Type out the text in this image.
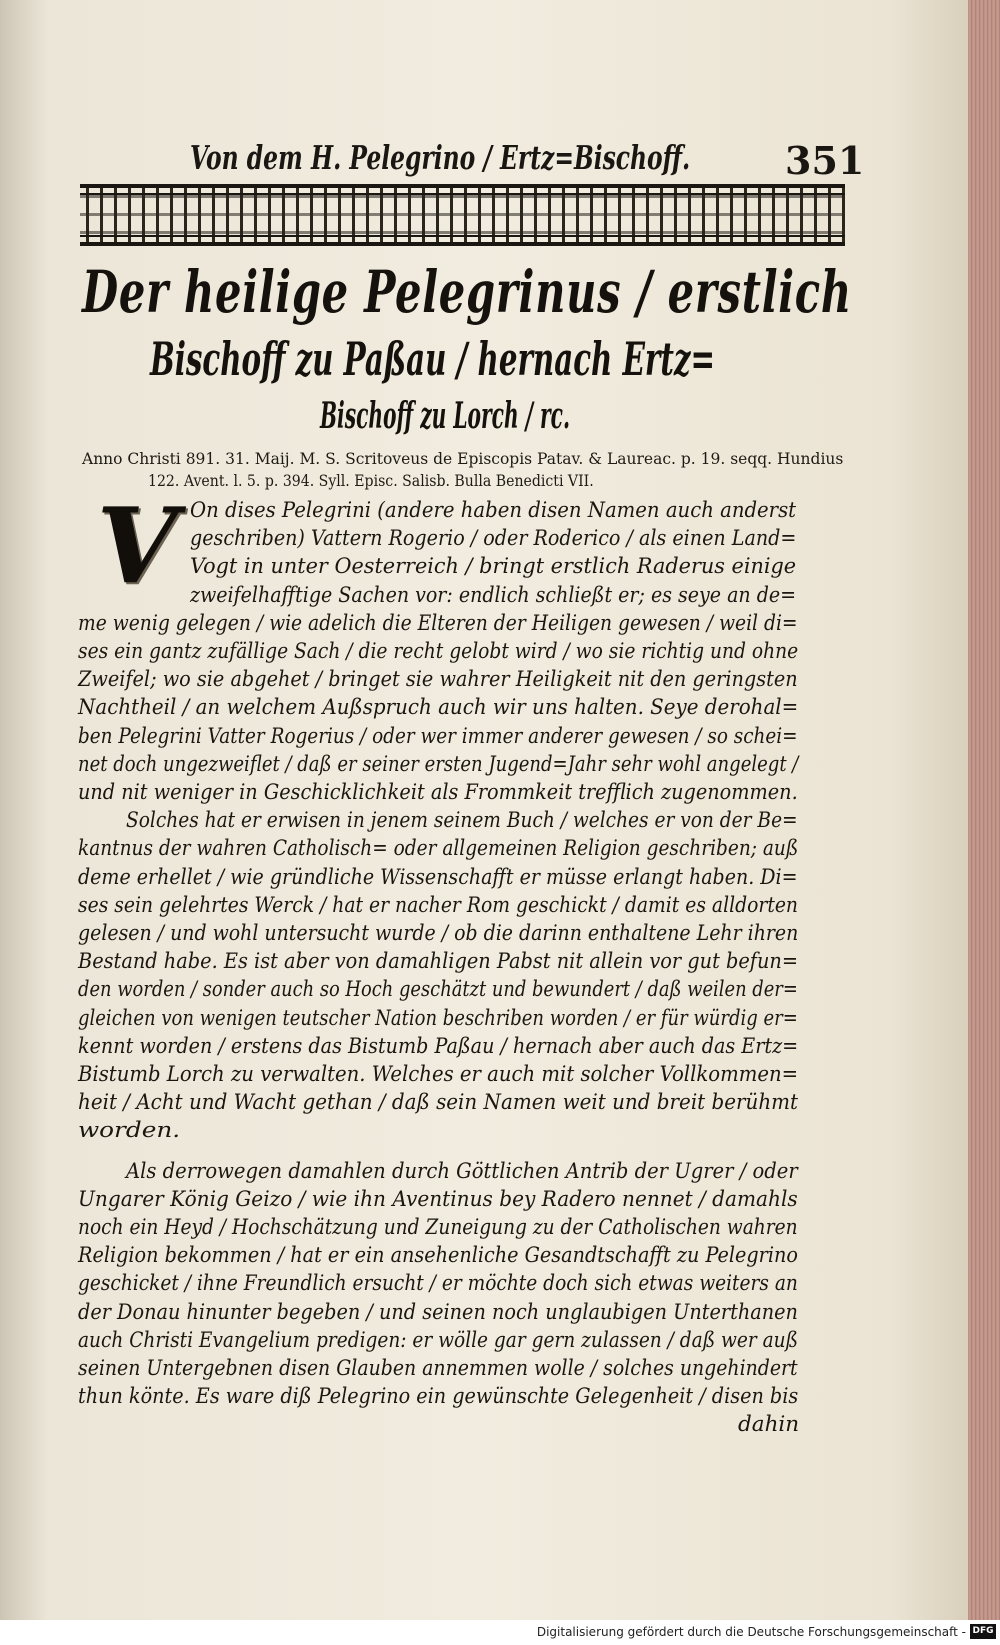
Von dem H. Pelegrino / Ertz=Bischoff. 351
Der heilige Pelegrinus / erstlich
Bischoff zu Paßau / hernach Ertz=
Bischoff zu Lorch / rc.
Anno Christi 891. 31. Maij. M. S. Scritoveus de Episcopis Patav. & Laureac. p. 19. seqq. Hundius
122. Avent. l. 5. p. 394. Syll. Episc. Salisb. Bulla Benedicti VII.
V On dises Pelegrini (andere haben disen Namen auch anderst
geschriben) Vattern Rogerio / oder Roderico / als einen Land=
Vogt in unter Oesterreich / bringt erstlich Raderus einige
zweifelhafftige Sachen vor: endlich schließt er; es seye an de=
me wenig gelegen / wie adelich die Elteren der Heiligen gewesen / weil di=
ses ein gantz zufällige Sach / die recht gelobt wird / wo sie richtig und ohne
Zweifel; wo sie abgehet / bringet sie wahrer Heiligkeit nit den geringsten
Nachtheil / an welchem Außspruch auch wir uns halten. Seye derohal=
ben Pelegrini Vatter Rogerius / oder wer immer anderer gewesen / so schei=
net doch ungezweiflet / daß er seiner ersten Jugend=Jahr sehr wohl angelegt /
und nit weniger in Geschicklichkeit als Frommkeit trefflich zugenommen.
Solches hat er erwisen in jenem seinem Buch / welches er von der Be=
kantnus der wahren Catholisch= oder allgemeinen Religion geschriben; auß
deme erhellet / wie gründliche Wissenschafft er müsse erlangt haben. Di=
ses sein gelehrtes Werck / hat er nacher Rom geschickt / damit es alldorten
gelesen / und wohl untersucht wurde / ob die darinn enthaltene Lehr ihren
Bestand habe. Es ist aber von damahligen Pabst nit allein vor gut befun=
den worden / sonder auch so Hoch geschätzt und bewundert / daß weilen der=
gleichen von wenigen teutscher Nation beschriben worden / er für würdig er=
kennt worden / erstens das Bistumb Paßau / hernach aber auch das Ertz=
Bistumb Lorch zu verwalten. Welches er auch mit solcher Vollkommen=
heit / Acht und Wacht gethan / daß sein Namen weit und breit berühmt
worden.
Als derrowegen damahlen durch Göttlichen Antrib der Ugrer / oder
Ungarer König Geizo / wie ihn Aventinus bey Radero nennet / damahls
noch ein Heyd / Hochschätzung und Zuneigung zu der Catholischen wahren
Religion bekommen / hat er ein ansehenliche Gesandtschafft zu Pelegrino
geschicket / ihne Freundlich ersucht / er möchte doch sich etwas weiters an
der Donau hinunter begeben / und seinen noch unglaubigen Unterthanen
auch Christi Evangelium predigen: er wölle gar gern zulassen / daß wer auß
seinen Untergebnen disen Glauben annemmen wolle / solches ungehindert
thun könte. Es ware diß Pelegrino ein gewünschte Gelegenheit / disen bis
dahin
Digitalisierung gefördert durch die Deutsche Forschungsgemeinschaft - DFG
